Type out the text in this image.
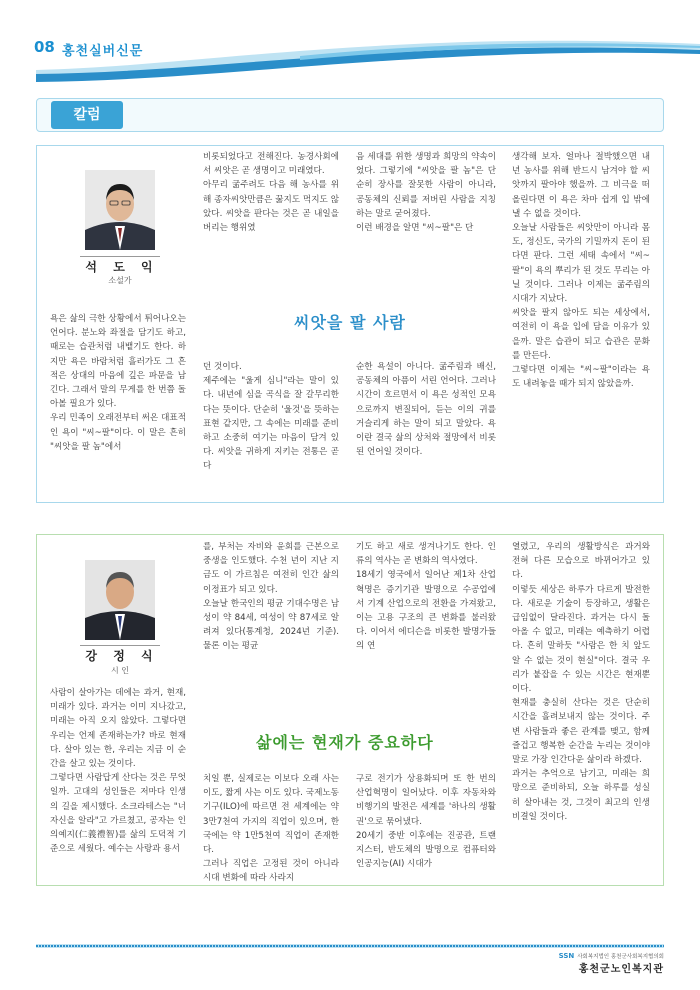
08 홍천실버신문
칼럼
석 도 익
소설가
씨앗을 팔 사람
욕은 삶의 극한 상황에서 튀어나오는 언어다. 분노와 좌절을 담기도 하고, 때로는 습관처럼 내뱉기도 한다. 하지만 욕은 바람처럼 흘러가도 그 흔적은 상대의 마음에 깊은 파문을 남긴다. 그래서 말의 무게를 한 번쯤 돌아볼 필요가 있다.
우리 민족이 오래전부터 써온 대표적인 욕이 "씨~팔"이다. 이 말은 흔히 "씨앗을 팔 놈"에서
비롯되었다고 전해진다. 농경사회에서 씨앗은 곧 생명이고 미래였다.
아무리 굶주려도 다음 해 농사를 위해 종자씨앗만큼은 꿇지도 먹지도 않았다. 씨앗을 판다는 것은 곧 내일을 버리는 행위였
던 것이다.
제주에는 "울게 심니"라는 말이 있다. 내년에 심을 곡식을 잘 갈무리한다는 뜻이다. 단순히 '울것'을 뜻하는 표현 같지만, 그 속에는 미래를 준비하고 소중히 여기는 마음이 담겨 있다. 씨앗을 귀하게 지키는 전통은 곧 다
음 세대를 위한 생명과 희망의 약속이었다. 그렇기에 "씨앗을 팔 놈"은 단순히 장사를 잘못한 사람이 아니라, 공동체의 신뢰를 저버린 사람을 지칭하는 말로 굳어졌다.
이런 배경을 알면 "씨~팔"은 단
순한 욕설이 아니다. 굶주림과 배신, 공동체의 아픔이 서린 언어다. 그러나 시간이 흐르면서 이 욕은 성적인 모욕으로까지 변질되어, 듣는 이의 귀를 거슬리게 하는 말이 되고 말았다. 욕이란 결국 삶의 상처와 절망에서 비롯된 언어일 것이다.
생각해 보자. 얼마나 절박했으면 내년 농사를 위해 반드시 남겨야 할 씨앗까지 팔아야 했을까. 그 비극을 떠올린다면 이 욕은 차마 쉽게 입 밖에 낼 수 없을 것이다.
오늘날 사람들은 씨앗만이 아니라 몸도, 정신도, 국가의 기밀까지 돈이 된다면 판다. 그런 세태 속에서 "씨~팔"이 욕의 뿌리가 된 것도 무리는 아닐 것이다. 그러나 이제는 굶주림의 시대가 지났다.
씨앗을 팔지 않아도 되는 세상에서, 여전히 이 욕을 입에 담을 이유가 있을까. 말은 습관이 되고 습관은 문화를 만든다.
그렇다면 이제는 "씨~팔"이라는 욕도 내려놓을 때가 되지 않았을까.
강 정 식
시 인
삶에는 현재가 중요하다
사람이 살아가는 데에는 과거, 현재, 미래가 있다. 과거는 이미 지나갔고, 미래는 아직 오지 않았다. 그렇다면 우리는 언제 존재하는가? 바로 현재다. 살아 있는 한, 우리는 지금 이 순간을 살고 있는 것이다.
그렇다면 사람답게 산다는 것은 무엇일까. 고대의 성인들은 저마다 인생의 길을 제시했다. 소크라테스는 "너 자신을 알라"고 가르쳤고, 공자는 인의예지(仁義禮智)를 삶의 도덕적 기준으로 세웠다. 예수는 사랑과 용서
를, 부처는 자비와 윤회를 근본으로 중생을 인도했다. 수천 년이 지난 지금도 이 가르침은 여전히 인간 삶의 이정표가 되고 있다.
오늘날 한국인의 평균 기대수명은 남성이 약 84세, 여성이 약 87세로 알려져 있다(통계청, 2024년 기준). 물론 이는 평균
치일 뿐, 실제로는 이보다 오래 사는 이도, 짧게 사는 이도 있다. 국제노동기구(ILO)에 따르면 전 세계에는 약 3만7천여 가지의 직업이 있으며, 한국에는 약 1만5천여 직업이 존재한다.
그러나 직업은 고정된 것이 아니라 시대 변화에 따라 사라지
기도 하고 새로 생겨나기도 한다. 인류의 역사는 곧 변화의 역사였다.
18세기 영국에서 일어난 제1차 산업혁명은 증기기관 발명으로 수공업에서 기계 산업으로의 전환을 가져왔고, 이는 고용 구조의 큰 변화를 불러왔다. 이어서 에디슨을 비롯한 발명가들의 연
구로 전기가 상용화되며 또 한 번의 산업혁명이 일어났다. 이후 자동차와 비행기의 발전은 세계를 '하나의 생활권'으로 묶어냈다.
20세기 중반 이후에는 진공관, 트랜지스터, 반도체의 발명으로 컴퓨터와 인공지능(AI) 시대가
열렸고, 우리의 생활방식은 과거와 전혀 다른 모습으로 바뀌어가고 있다.
이렇듯 세상은 하루가 다르게 발전한다. 새로운 기술이 등장하고, 생활은 급임없이 달라진다. 과거는 다시 돌아올 수 없고, 미래는 예측하기 어렵다. 흔히 말하듯 "사람은 한 치 앞도 알 수 없는 것이 현실"이다. 결국 우리가 붙잡을 수 있는 시간은 현재뿐이다.
현재를 충실히 산다는 것은 단순히 시간을 흘려보내지 않는 것이다. 주변 사람들과 좋은 관계를 맺고, 함께 즐겁고 행복한 순간을 누리는 것이야말로 가장 인간다운 삶이라 하겠다.
과거는 추억으로 남기고, 미래는 희망으로 준비하되, 오늘 하루를 성실히 살아내는 것, 그것이 최고의 인생 비결일 것이다.
SSN 사회복지법인 홍천군사회복지협의회
홍천군노인복지관
